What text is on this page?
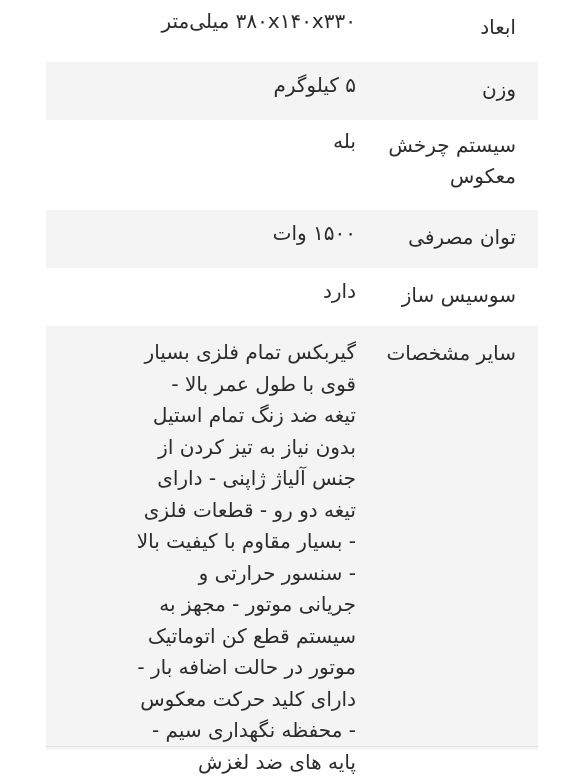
ابعاد
۳۸۰x۱۴۰x۳۳۰ میلی‌متر
وزن
۵ کیلوگرم
سیستم چرخش معکوس
بله
توان مصرفی
۱۵۰۰ وات
سوسیس ساز
دارد
سایر مشخصات
گیربکس تمام فلزی بسیار قوی با طول عمر بالا - تیغه ضد زنگ تمام استیل بدون نیاز به تیز کردن از جنس آلیاژ ژاپنی - دارای تیغه دو رو - قطعات فلزی - بسیار مقاوم با کیفیت بالا - سنسور حرارتی و جریانی موتور - مجهز به سیستم قطع کن اتوماتیک موتور در حالت اضافه بار - دارای کلید حرکت معکوس - محفظه نگهداری سیم - پایه های ضد لغزش
